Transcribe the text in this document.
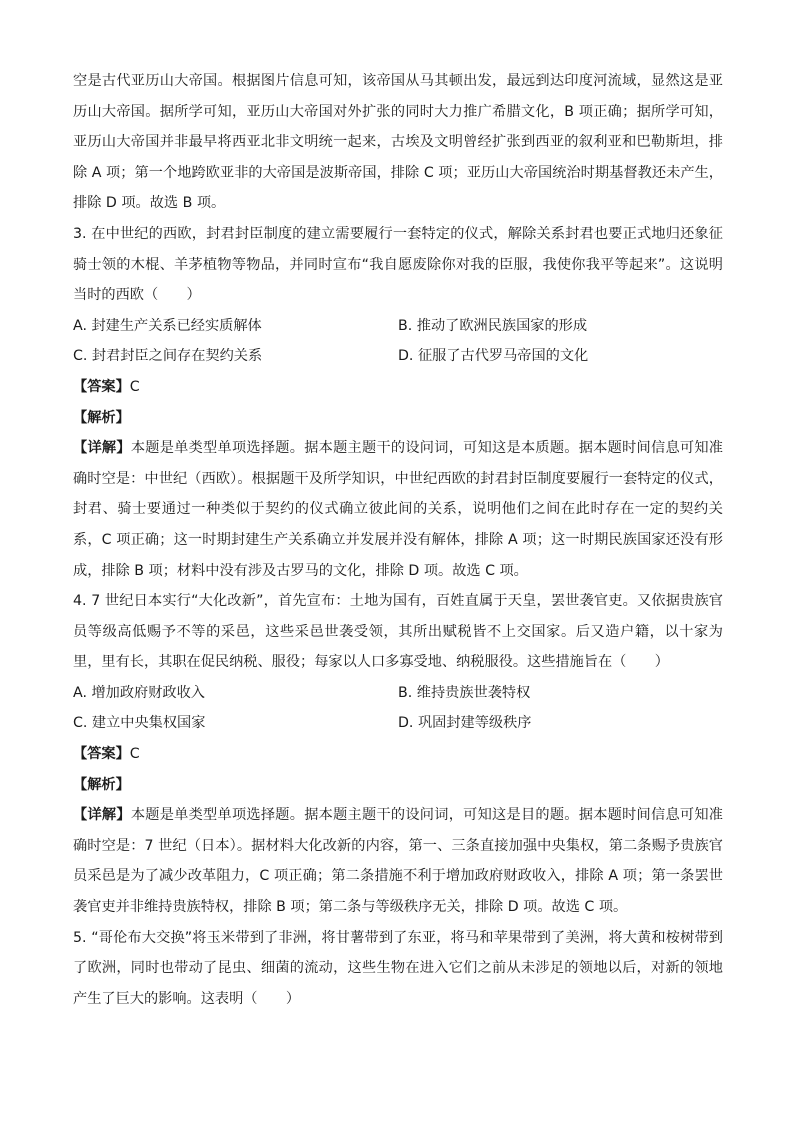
空是古代亚历山大帝国。根据图片信息可知，该帝国从马其顿出发，最远到达印度河流域，显然这是亚历山大帝国。据所学可知，亚历山大帝国对外扩张的同时大力推广希腊文化，B 项正确；据所学可知，亚历山大帝国并非最早将西亚北非文明统一起来，古埃及文明曾经扩张到西亚的叙利亚和巴勒斯坦，排除 A 项；第一个地跨欧亚非的大帝国是波斯帝国，排除 C 项；亚历山大帝国统治时期基督教还未产生，排除 D 项。故选 B 项。

3. 在中世纪的西欧，封君封臣制度的建立需要履行一套特定的仪式，解除关系封君也要正式地归还象征骑士领的木棍、羊茅植物等物品，并同时宣布“我自愿废除你对我的臣服，我使你我平等起来”。这说明当时的西欧（　　）

A. 封建生产关系已经实质解体	B. 推动了欧洲民族国家的形成
C. 封君封臣之间存在契约关系	D. 征服了古代罗马帝国的文化

【答案】C

【解析】

【详解】本题是单类型单项选择题。据本题主题干的设问词，可知这是本质题。据本题时间信息可知准确时空是：中世纪（西欧）。根据题干及所学知识，中世纪西欧的封君封臣制度要履行一套特定的仪式，封君、骑士要通过一种类似于契约的仪式确立彼此间的关系，说明他们之间在此时存在一定的契约关系，C 项正确；这一时期封建生产关系确立并发展并没有解体，排除 A 项；这一时期民族国家还没有形成，排除 B 项；材料中没有涉及古罗马的文化，排除 D 项。故选 C 项。

4. 7 世纪日本实行“大化改新”，首先宣布：土地为国有，百姓直属于天皇，罢世袭官吏。又依据贵族官员等级高低赐予不等的采邑，这些采邑世袭受领，其所出赋税皆不上交国家。后又造户籍，以十家为里，里有长，其职在促民纳税、服役；每家以人口多寡受地、纳税服役。这些措施旨在（　　）

A. 增加政府财政收入	B. 维持贵族世袭特权
C. 建立中央集权国家	D. 巩固封建等级秩序

【答案】C

【解析】

【详解】本题是单类型单项选择题。据本题主题干的设问词，可知这是目的题。据本题时间信息可知准确时空是：7 世纪（日本）。据材料大化改新的内容，第一、三条直接加强中央集权，第二条赐予贵族官员采邑是为了减少改革阻力，C 项正确；第二条措施不利于增加政府财政收入，排除 A 项；第一条罢世袭官吏并非维持贵族特权，排除 B 项；第二条与等级秩序无关，排除 D 项。故选 C 项。

5. “哥伦布大交换”将玉米带到了非洲，将甘薯带到了东亚，将马和苹果带到了美洲，将大黄和桉树带到了欧洲，同时也带动了昆虫、细菌的流动，这些生物在进入它们之前从未涉足的领地以后，对新的领地产生了巨大的影响。这表明（　　）
